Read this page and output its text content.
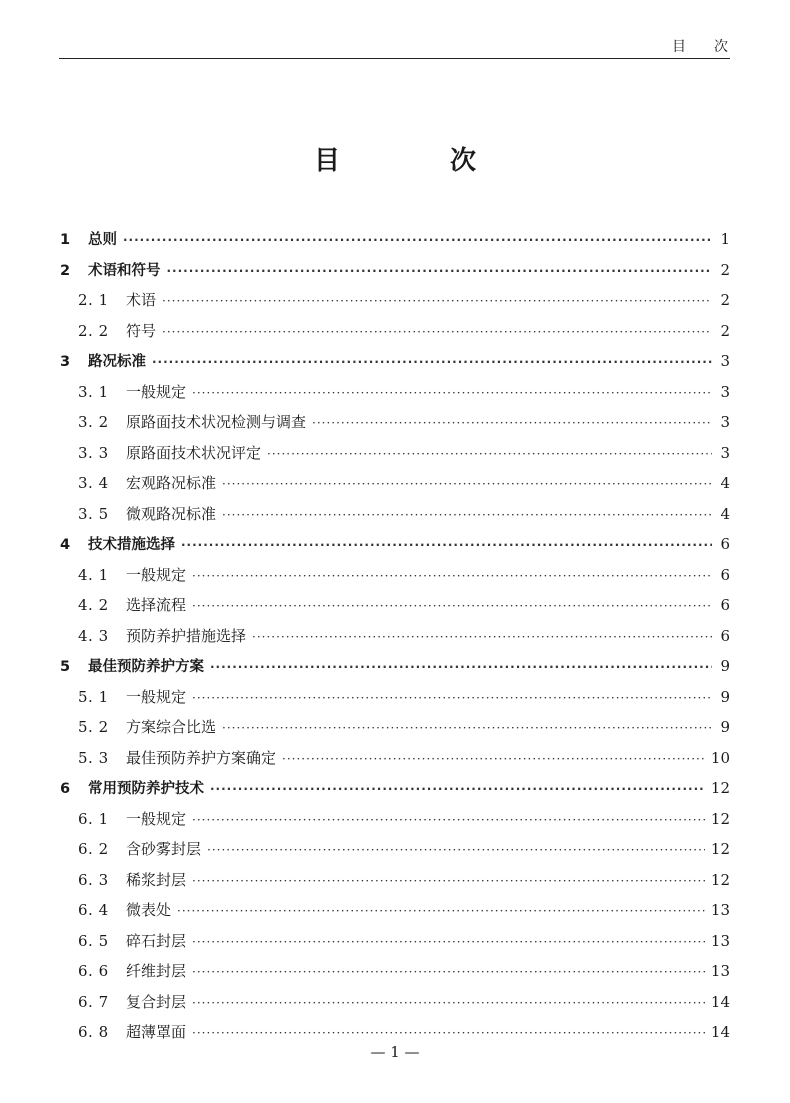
目次
目　次
1	总则 ·····	1
2	术语和符号 ·····	2
2. 1	术语 ·····	2
2. 2	符号 ·····	2
3	路况标准 ·····	3
3. 1	一般规定 ·····	3
3. 2	原路面技术状况检测与调查 ·····	3
3. 3	原路面技术状况评定 ·····	3
3. 4	宏观路况标准 ·····	4
3. 5	微观路况标准 ·····	4
4	技术措施选择 ·····	6
4. 1	一般规定 ·····	6
4. 2	选择流程 ·····	6
4. 3	预防养护措施选择 ·····	6
5	最佳预防养护方案 ·····	9
5. 1	一般规定 ·····	9
5. 2	方案综合比选 ·····	9
5. 3	最佳预防养护方案确定 ·····	10
6	常用预防养护技术 ·····	12
6. 1	一般规定 ·····	12
6. 2	含砂雾封层 ·····	12
6. 3	稀浆封层 ·····	12
6. 4	微表处 ·····	13
6. 5	碎石封层 ·····	13
6. 6	纤维封层 ·····	13
6. 7	复合封层 ·····	14
6. 8	超薄罩面 ·····	14
— 1 —
